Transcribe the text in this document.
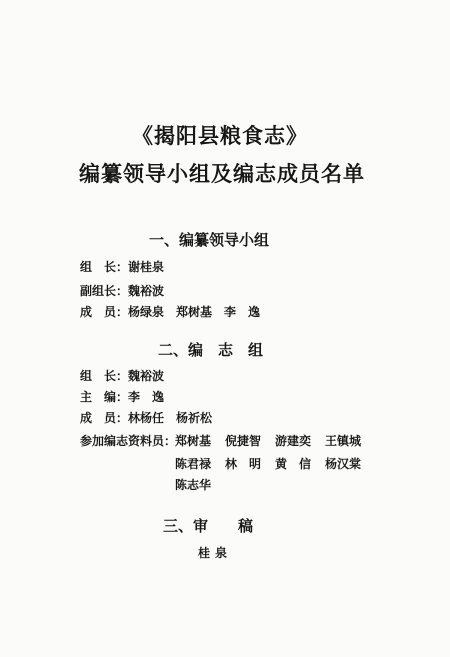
《揭阳县粮食志》
编纂领导小组及编志成员名单
一、编纂领导小组
组　长：谢桂泉
副组长：魏裕波
成　员：杨绿泉 郑树基 李　逸
二、编　志　组
组　长：魏裕波
主　编：李　逸
成　员：林杨任 杨祈松
参加编志资料员：
郑树基 倪捷智 游建奕 王镇城
陈君禄 林　明 黄　信 杨汉棠
陈志华
三、审　　稿
桂泉
